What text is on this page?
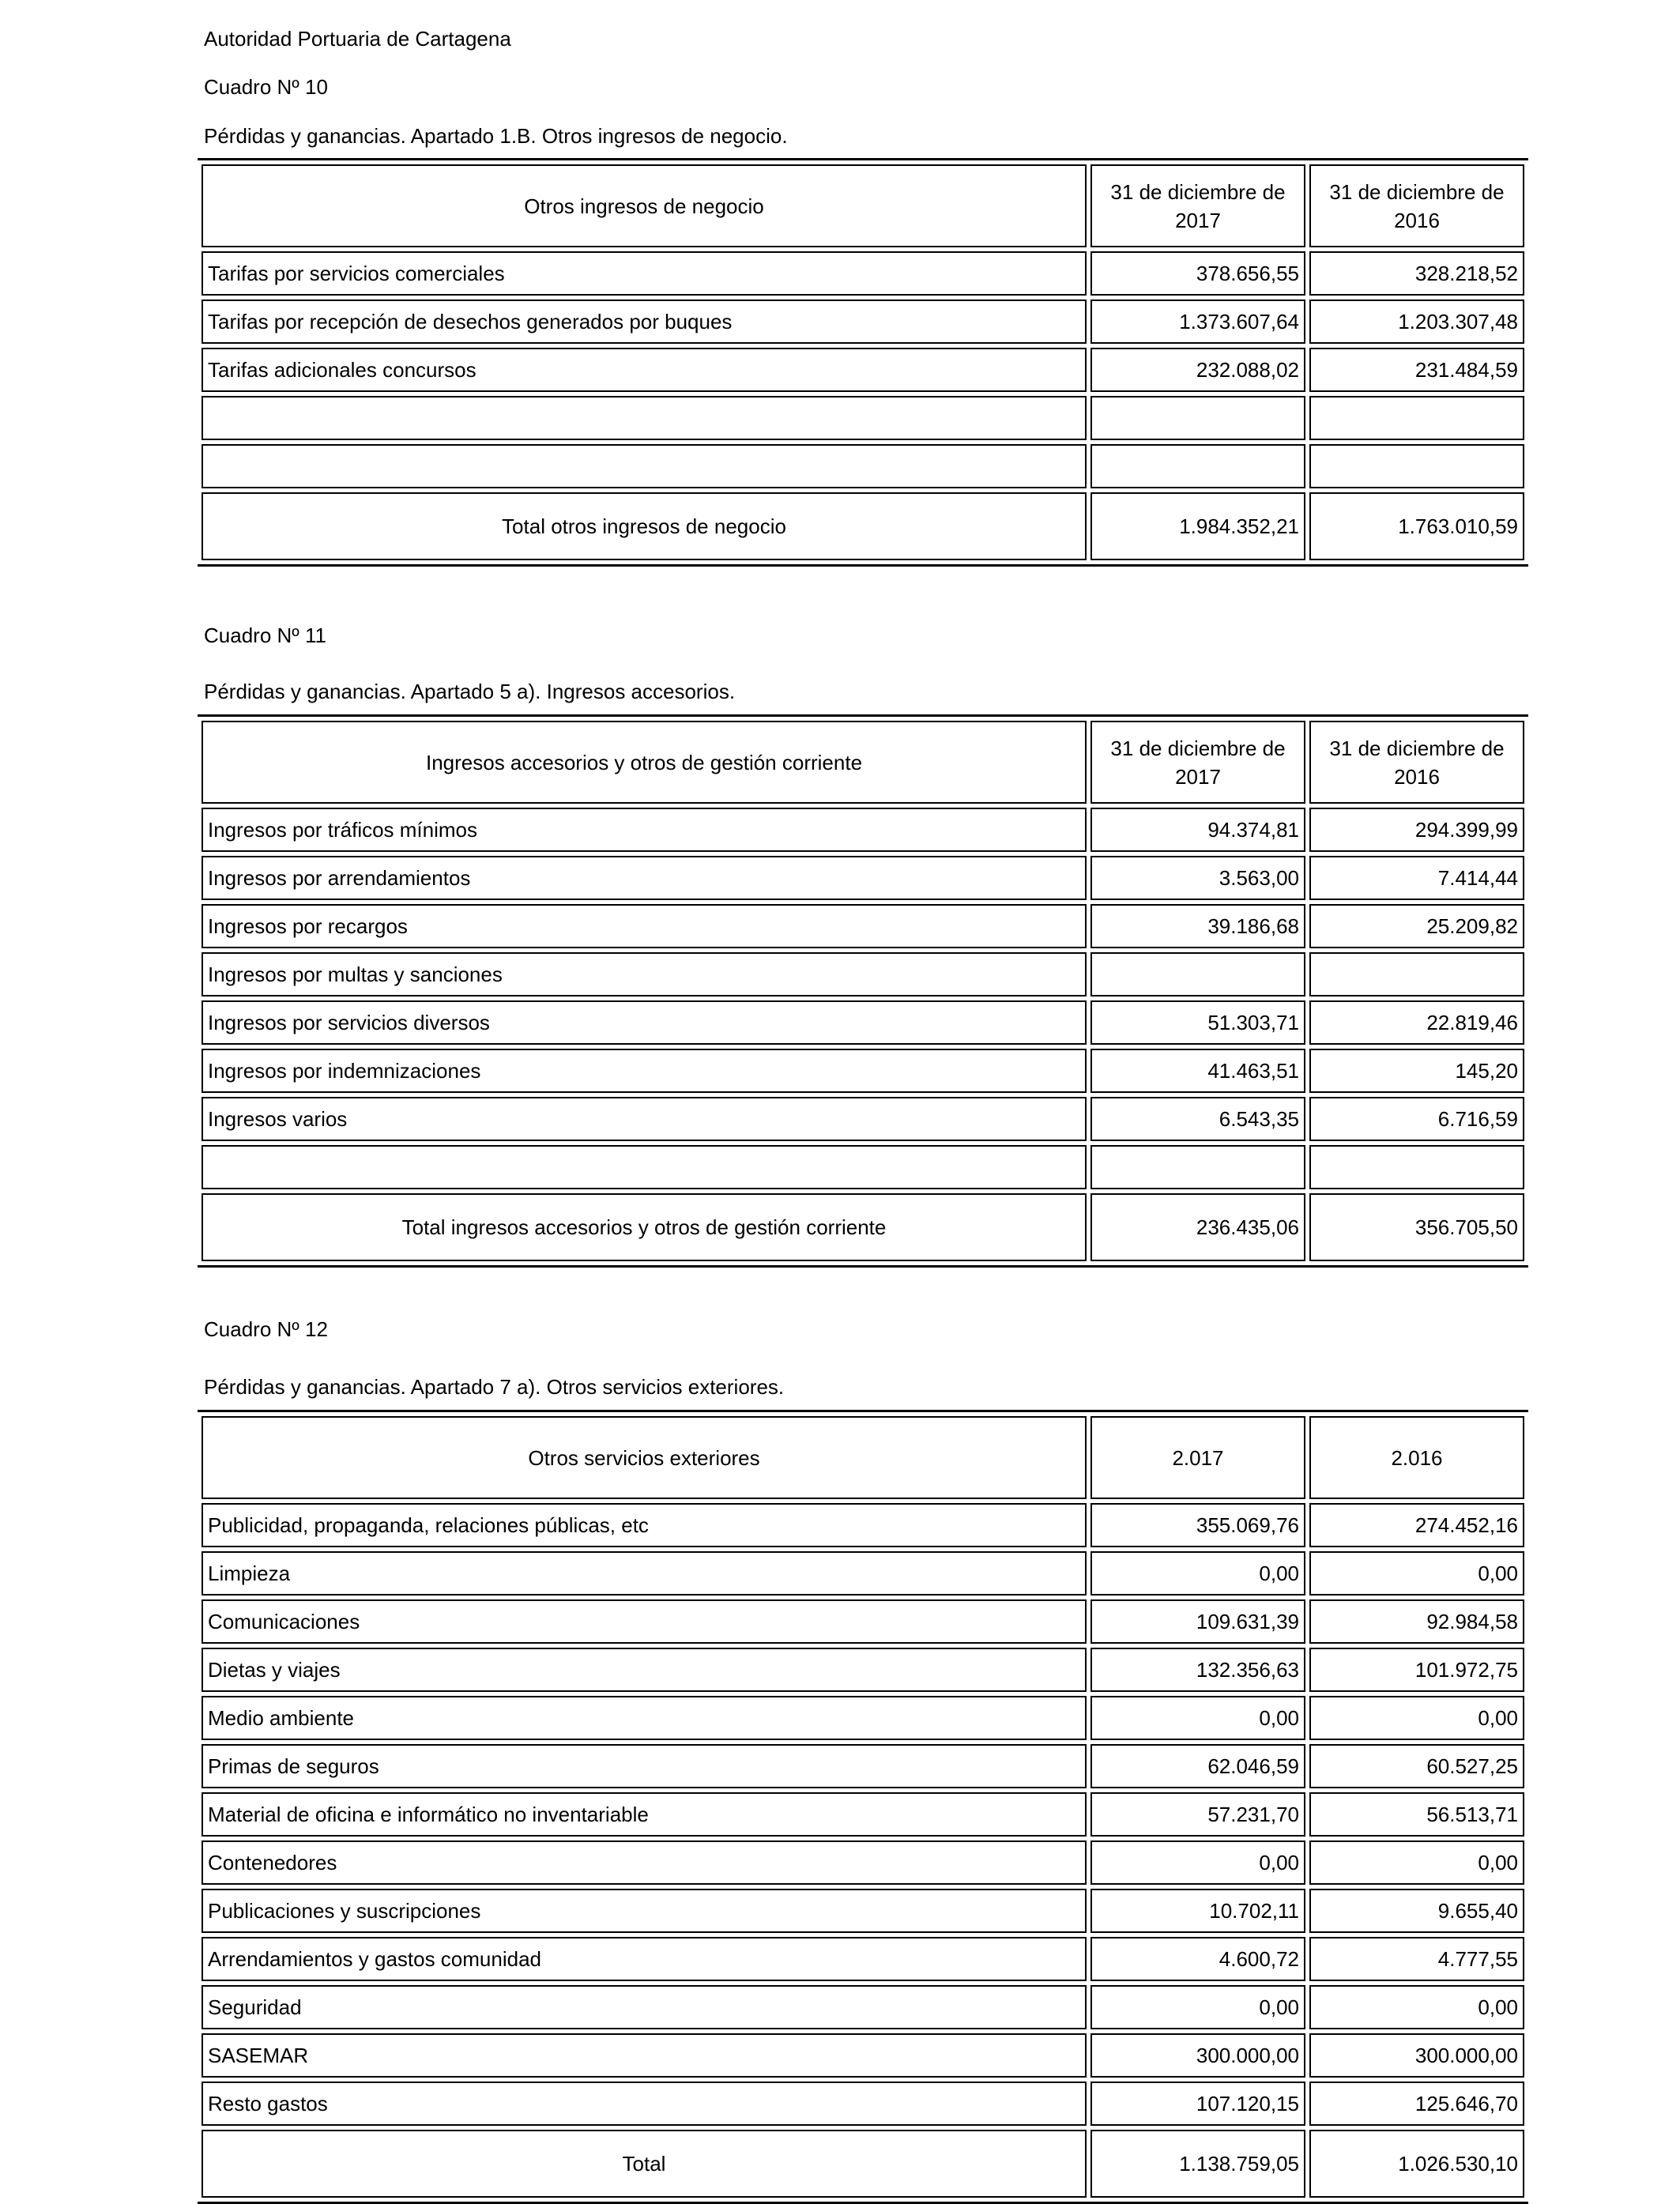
Autoridad Portuaria de Cartagena
Cuadro Nº 10
Pérdidas y ganancias. Apartado 1.B. Otros ingresos de negocio.
Otros ingresos de negocio	31 de diciembre de 2017	31 de diciembre de 2016
Tarifas por servicios comerciales	378.656,55	328.218,52
Tarifas por recepción de desechos generados por buques	1.373.607,64	1.203.307,48
Tarifas adicionales concursos	232.088,02	231.484,59

Total otros ingresos de negocio	1.984.352,21	1.763.010,59
Cuadro Nº 11
Pérdidas y ganancias. Apartado 5 a). Ingresos accesorios.
Ingresos accesorios y otros de gestión corriente	31 de diciembre de 2017	31 de diciembre de 2016
Ingresos por tráficos mínimos	94.374,81	294.399,99
Ingresos por arrendamientos	3.563,00	7.414,44
Ingresos por recargos	39.186,68	25.209,82
Ingresos por multas y sanciones		
Ingresos por servicios diversos	51.303,71	22.819,46
Ingresos por indemnizaciones	41.463,51	145,20
Ingresos varios	6.543,35	6.716,59

Total ingresos accesorios y otros de gestión corriente	236.435,06	356.705,50
Cuadro Nº 12
Pérdidas y ganancias. Apartado 7 a). Otros servicios exteriores.
Otros servicios exteriores	2.017	2.016
Publicidad, propaganda, relaciones públicas, etc	355.069,76	274.452,16
Limpieza	0,00	0,00
Comunicaciones	109.631,39	92.984,58
Dietas y viajes	132.356,63	101.972,75
Medio ambiente	0,00	0,00
Primas de seguros	62.046,59	60.527,25
Material de oficina e informático no inventariable	57.231,70	56.513,71
Contenedores	0,00	0,00
Publicaciones y suscripciones	10.702,11	9.655,40
Arrendamientos y gastos comunidad	4.600,72	4.777,55
Seguridad	0,00	0,00
SASEMAR	300.000,00	300.000,00
Resto gastos	107.120,15	125.646,70
Total	1.138.759,05	1.026.530,10
